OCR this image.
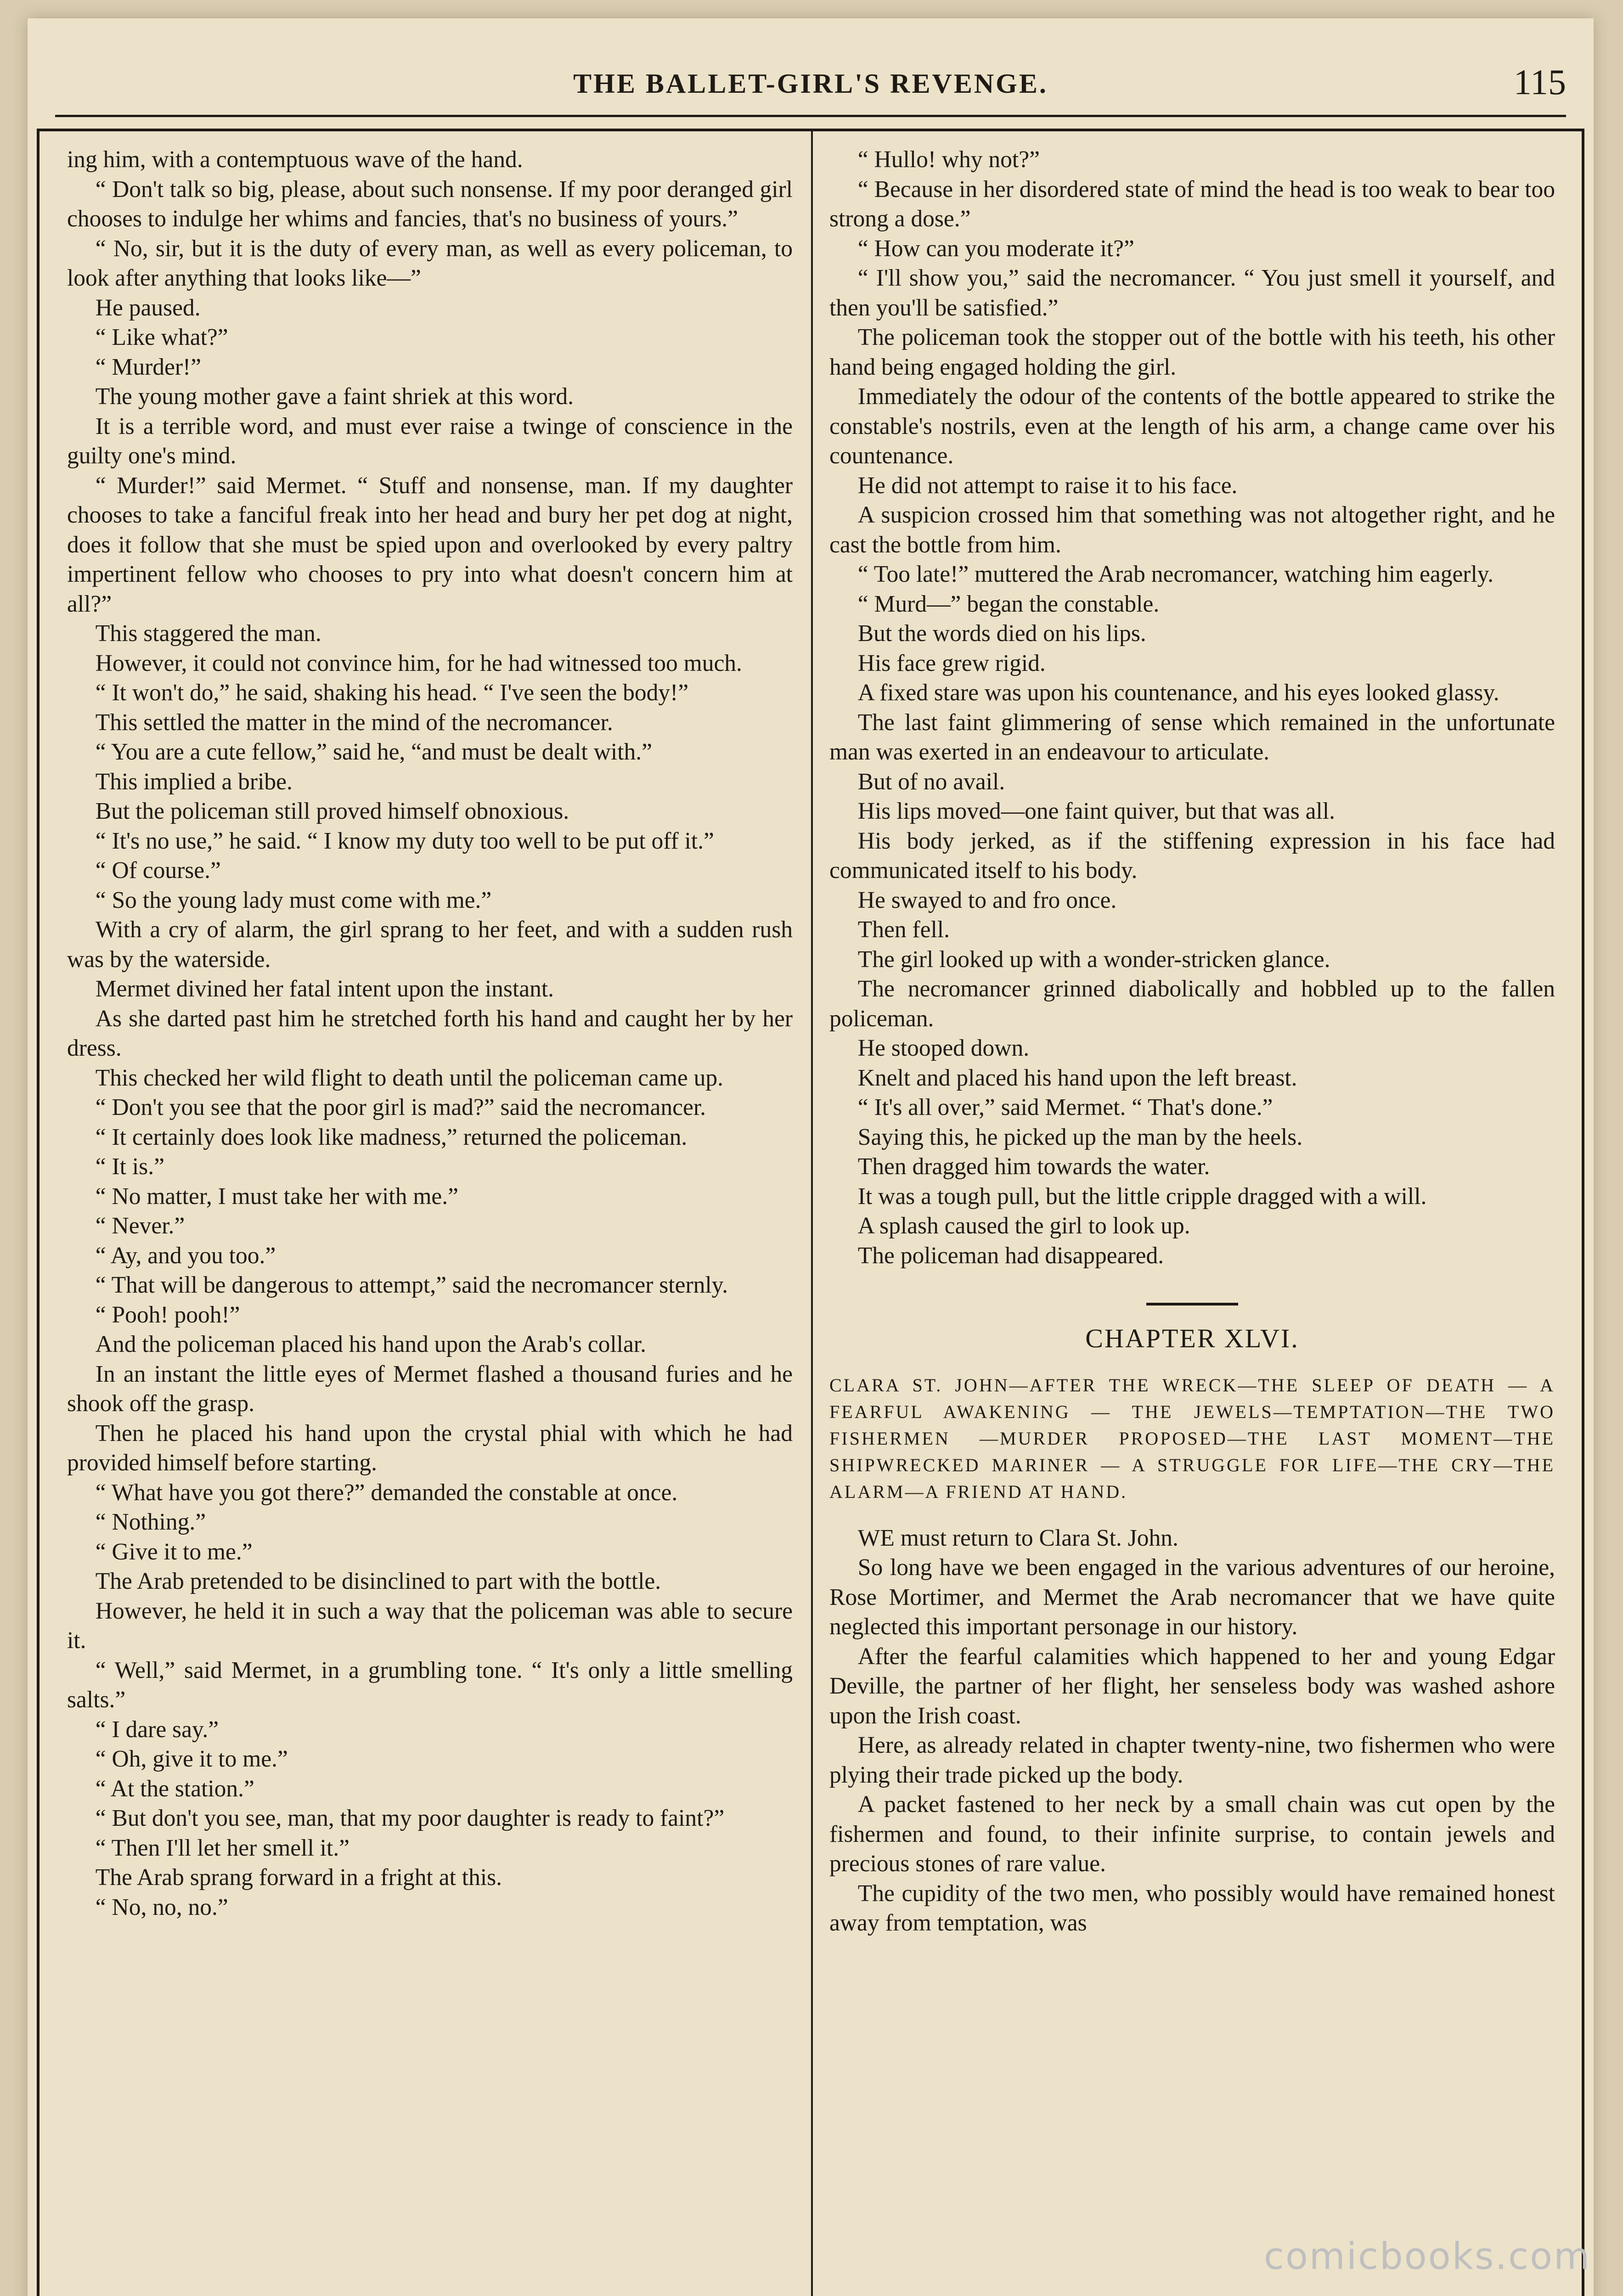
THE BALLET-GIRL'S REVENGE.	115

ing him, with a contemptuous wave of the hand.

“ Don't talk so big, please, about such nonsense. If my poor deranged girl chooses to indulge her whims and fancies, that's no business of yours.”

“ No, sir, but it is the duty of every man, as well as every policeman, to look after anything that looks like—”

He paused.

“ Like what?”

“ Murder!”

The young mother gave a faint shriek at this word.

It is a terrible word, and must ever raise a twinge of conscience in the guilty one's mind.

“ Murder!” said Mermet. “ Stuff and nonsense, man. If my daughter chooses to take a fanciful freak into her head and bury her pet dog at night, does it follow that she must be spied upon and overlooked by every paltry impertinent fellow who chooses to pry into what doesn't concern him at all?”

This staggered the man.

However, it could not convince him, for he had witnessed too much.

“ It won't do,” he said, shaking his head. “ I've seen the body!”

This settled the matter in the mind of the necromancer.

“ You are a cute fellow,” said he, “and must be dealt with.”

This implied a bribe.

But the policeman still proved himself obnoxious.

“ It's no use,” he said. “ I know my duty too well to be put off it.”

“ Of course.”

“ So the young lady must come with me.”

With a cry of alarm, the girl sprang to her feet, and with a sudden rush was by the waterside.

Mermet divined her fatal intent upon the instant.

As she darted past him he stretched forth his hand and caught her by her dress.

This checked her wild flight to death until the policeman came up.

“ Don't you see that the poor girl is mad?” said the necromancer.

“ It certainly does look like madness,” returned the policeman.

“ It is.”

“ No matter, I must take her with me.”

“ Never.”

“ Ay, and you too.”

“ That will be dangerous to attempt,” said the necromancer sternly.

“ Pooh! pooh!”

And the policeman placed his hand upon the Arab's collar.

In an instant the little eyes of Mermet flashed a thousand furies and he shook off the grasp.

Then he placed his hand upon the crystal phial with which he had provided himself before starting.

“ What have you got there?” demanded the constable at once.

“ Nothing.”

“ Give it to me.”

The Arab pretended to be disinclined to part with the bottle.

However, he held it in such a way that the policeman was able to secure it.

“ Well,” said Mermet, in a grumbling tone. “ It's only a little smelling salts.”

“ I dare say.”

“ Oh, give it to me.”

“ At the station.”

“ But don't you see, man, that my poor daughter is ready to faint?”

“ Then I'll let her smell it.”

The Arab sprang forward in a fright at this.

“ No, no, no.”

“ Hullo! why not?”

“ Because in her disordered state of mind the head is too weak to bear too strong a dose.”

“ How can you moderate it?”

“ I'll show you,” said the necromancer. “ You just smell it yourself, and then you'll be satisfied.”

The policeman took the stopper out of the bottle with his teeth, his other hand being engaged holding the girl.

Immediately the odour of the contents of the bottle appeared to strike the constable's nostrils, even at the length of his arm, a change came over his countenance.

He did not attempt to raise it to his face.

A suspicion crossed him that something was not altogether right, and he cast the bottle from him.

“ Too late!” muttered the Arab necromancer, watching him eagerly.

“ Murd—” began the constable.

But the words died on his lips.

His face grew rigid.

A fixed stare was upon his countenance, and his eyes looked glassy.

The last faint glimmering of sense which remained in the unfortunate man was exerted in an endeavour to articulate.

But of no avail.

His lips moved—one faint quiver, but that was all.

His body jerked, as if the stiffening expression in his face had communicated itself to his body.

He swayed to and fro once.

Then fell.

The girl looked up with a wonder-stricken glance.

The necromancer grinned diabolically and hobbled up to the fallen policeman.

He stooped down.

Knelt and placed his hand upon the left breast.

“ It's all over,” said Mermet. “ That's done.”

Saying this, he picked up the man by the heels.

Then dragged him towards the water.

It was a tough pull, but the little cripple dragged with a will.

A splash caused the girl to look up.

The policeman had disappeared.

CHAPTER XLVI.
CLARA ST. JOHN—AFTER THE WRECK—THE SLEEP OF DEATH — A FEARFUL AWAKENING — THE JEWELS—TEMPTATION—THE TWO FISHERMEN —MURDER PROPOSED—THE LAST MOMENT—THE SHIPWRECKED MARINER — A STRUGGLE FOR LIFE—THE CRY—THE ALARM—A FRIEND AT HAND.

WE must return to Clara St. John.

So long have we been engaged in the various adventures of our heroine, Rose Mortimer, and Mermet the Arab necromancer that we have quite neglected this important personage in our history.

After the fearful calamities which happened to her and young Edgar Deville, the partner of her flight, her senseless body was washed ashore upon the Irish coast.

Here, as already related in chapter twenty-nine, two fishermen who were plying their trade picked up the body.

A packet fastened to her neck by a small chain was cut open by the fishermen and found, to their infinite surprise, to contain jewels and precious stones of rare value.

The cupidity of the two men, who possibly would have remained honest away from temptation, was

comicbooks.com
